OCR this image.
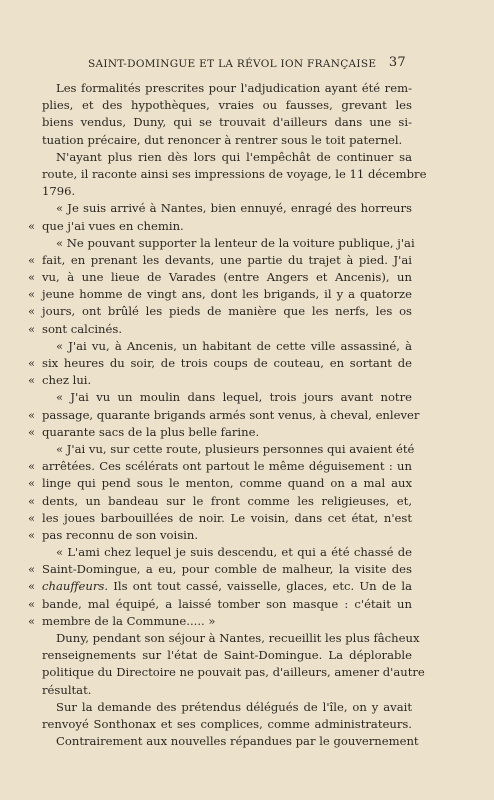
SAINT-DOMINGUE ET LA RÉVOL ION FRANÇAISE 37
Les formalités prescrites pour l'adjudication ayant été rem-
plies, et des hypothèques, vraies ou fausses, grevant les
biens vendus, Duny, qui se trouvait d'ailleurs dans une si-
tuation précaire, dut renoncer à rentrer sous le toit paternel.
N'ayant plus rien dès lors qui l'empêchât de continuer sa
route, il raconte ainsi ses impressions de voyage, le 11 décembre
1796.
« Je suis arrivé à Nantes, bien ennuyé, enragé des horreurs
« que j'ai vues en chemin.
« Ne pouvant supporter la lenteur de la voiture publique, j'ai
« fait, en prenant les devants, une partie du trajet à pied. J'ai
« vu, à une lieue de Varades (entre Angers et Ancenis), un
« jeune homme de vingt ans, dont les brigands, il y a quatorze
« jours, ont brûlé les pieds de manière que les nerfs, les os
« sont calcinés.
« J'ai vu, à Ancenis, un habitant de cette ville assassiné, à
« six heures du soir, de trois coups de couteau, en sortant de
« chez lui.
« J'ai vu un moulin dans lequel, trois jours avant notre
« passage, quarante brigands armés sont venus, à cheval, enlever
« quarante sacs de la plus belle farine.
« J'ai vu, sur cette route, plusieurs personnes qui avaient été
« arrêtées. Ces scélérats ont partout le même déguisement : un
« linge qui pend sous le menton, comme quand on a mal aux
« dents, un bandeau sur le front comme les religieuses, et,
« les joues barbouillées de noir. Le voisin, dans cet état, n'est
« pas reconnu de son voisin.
« L'ami chez lequel je suis descendu, et qui a été chassé de
« Saint-Domingue, a eu, pour comble de malheur, la visite des
« chauffeurs. Ils ont tout cassé, vaisselle, glaces, etc. Un de la
« bande, mal équipé, a laissé tomber son masque : c'était un
« membre de la Commune..... »
Duny, pendant son séjour à Nantes, recueillit les plus fâcheux
renseignements sur l'état de Saint-Domingue. La déplorable
politique du Directoire ne pouvait pas, d'ailleurs, amener d'autre
résultat.
Sur la demande des prétendus délégués de l'île, on y avait
renvoyé Sonthonax et ses complices, comme administrateurs.
Contrairement aux nouvelles répandues par le gouvernement
